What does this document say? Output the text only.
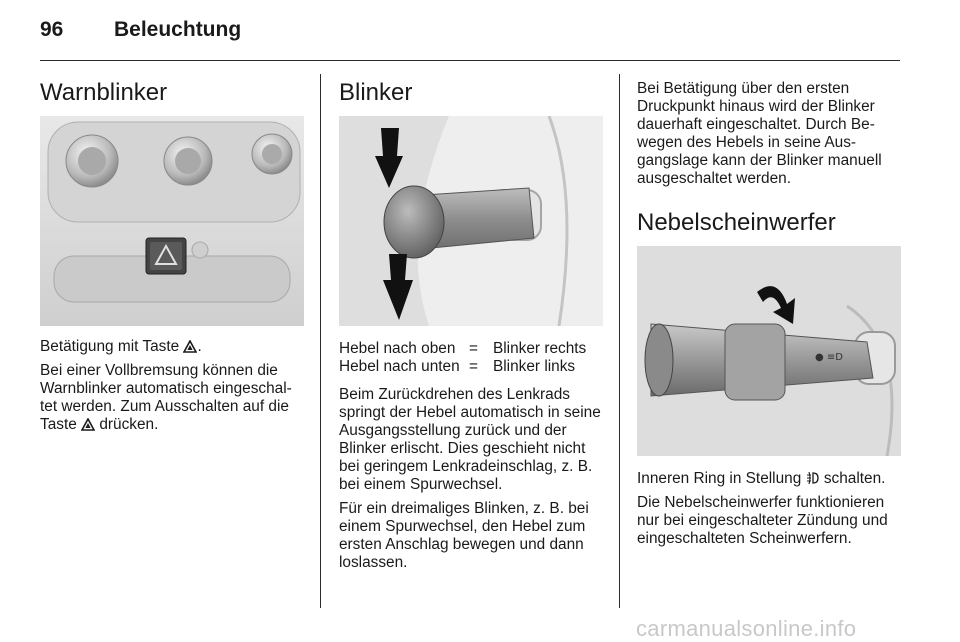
96 Beleuchtung
Warnblinker

Betätigung mit Taste .

Bei einer Vollbremsung können die Warnblinker automatisch eingeschal- tet werden. Zum Ausschalten auf die Taste drücken.

Blinker
Hebel nach oben	=	Blinker rechts
Hebel nach unten	=	Blinker links

Beim Zurückdrehen des Lenkrads springt der Hebel automatisch in seine Ausgangsstellung zurück und der Blinker erlischt. Dies geschieht nicht bei geringem Lenkradeinschlag, z. B. bei einem Spurwechsel.

Für ein dreimaliges Blinken, z. B. bei einem Spurwechsel, den Hebel zum ersten Anschlag bewegen und dann loslassen.

Bei Betätigung über den ersten Druckpunkt hinaus wird der Blinker dauerhaft eingeschaltet. Durch Be- wegen des Hebels in seine Aus- gangslage kann der Blinker manuell ausgeschaltet werden.

Nebelscheinwerfer
● ≡D

Inneren Ring in Stellung schalten.

Die Nebelscheinwerfer funktionieren nur bei eingeschalteter Zündung und eingeschalteten Scheinwerfern.

carmanualsonline.info
